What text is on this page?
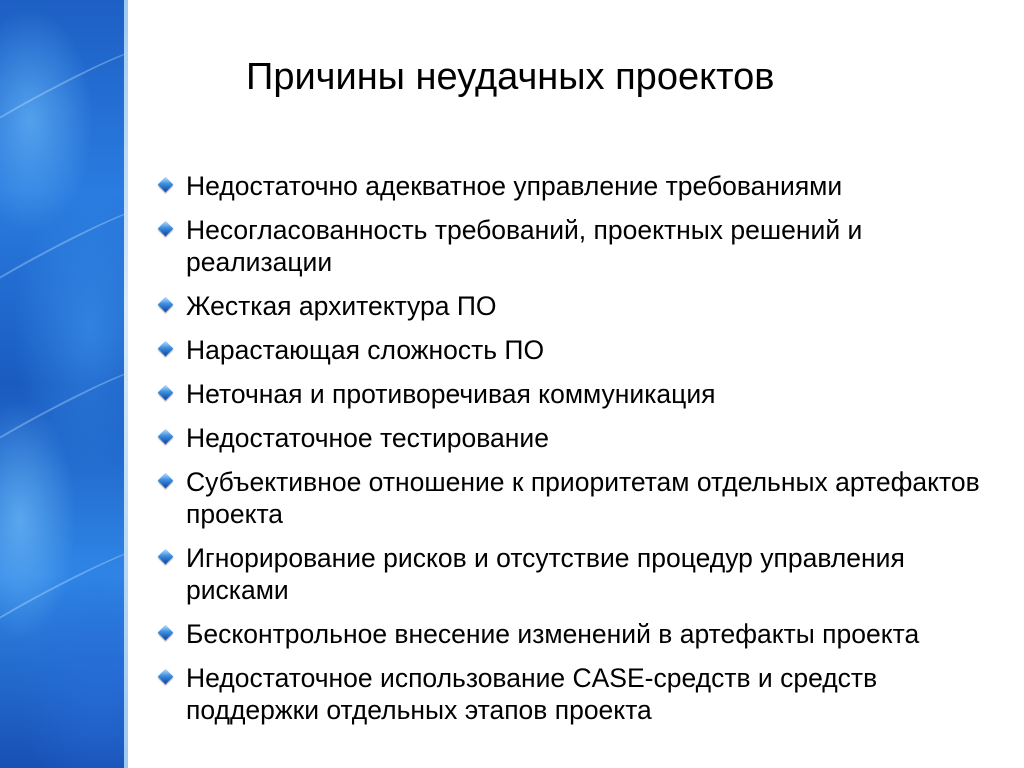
Причины неудачных проектов
Недостаточно адекватное управление требованиями
Несогласованность требований, проектных решений и реализации
Жесткая архитектура ПО
Нарастающая сложность ПО
Неточная и противоречивая коммуникация
Недостаточное тестирование
Субъективное отношение к приоритетам отдельных артефактов проекта
Игнорирование рисков и отсутствие процедур управления рисками
Бесконтрольное внесение изменений в артефакты проекта
Недостаточное использование CASE-средств и средств поддержки отдельных этапов проекта
